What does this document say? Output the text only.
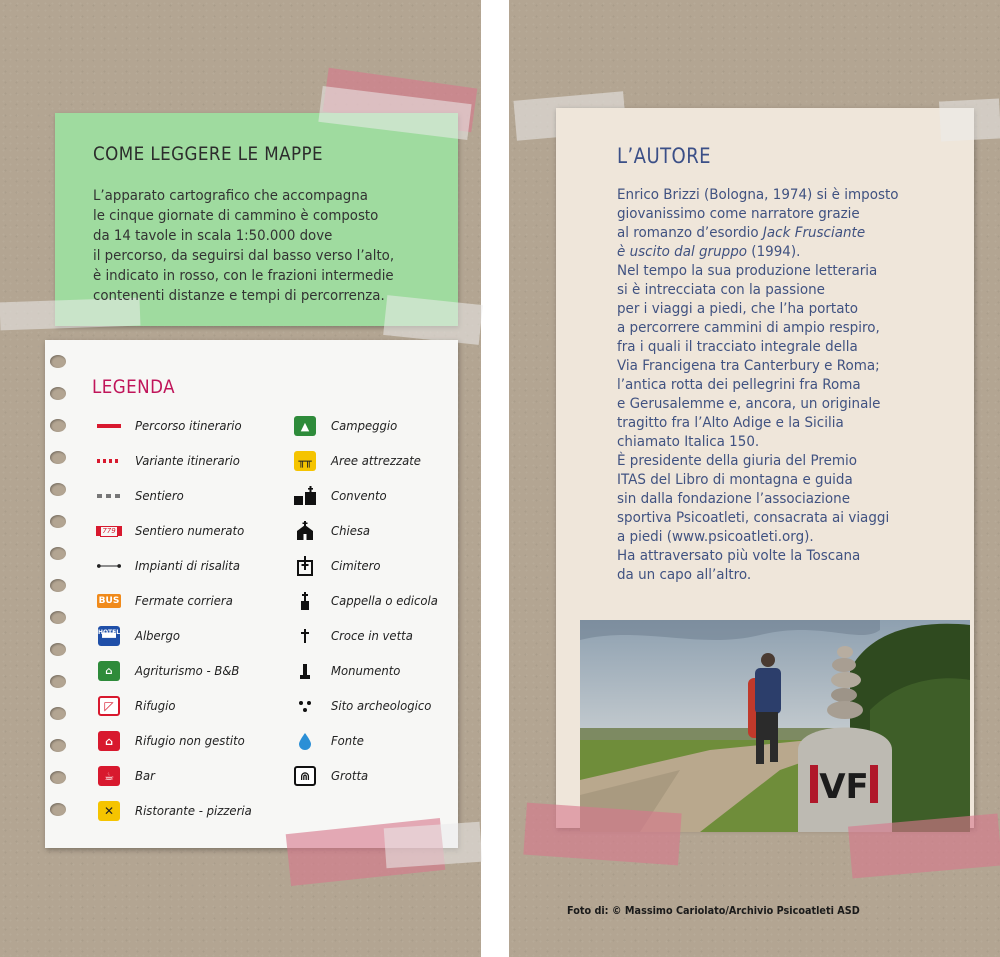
COME LEGGERE LE MAPPE
L’apparato cartografico che accompagna
le cinque giornate di cammino è composto
da 14 tavole in scala 1:50.000 dove
il percorso, da seguirsi dal basso verso l’alto,
è indicato in rosso, con le frazioni intermedie
contenenti distanze e tempi di percorrenza.
LEGENDA
Percorso itinerario
Variante itinerario
Sentiero
779 Sentiero numerato
Impianti di risalita
BUS Fermate corriera
HOTEL
▀▀ Albergo
⌂	Agriturismo - B&B
◸	Rifugio
⌂	Rifugio non gestito
☕	Bar
✕	Ristorante - pizzeria
▲	Campeggio
╥╥	Aree attrezzate
Convento
Chiesa
Cimitero
Cappella o edicola
Croce in vetta
Monumento
Sito archeologico
Fonte
⋒	Grotta
L’AUTORE
Enrico Brizzi (Bologna, 1974) si è imposto
giovanissimo come narratore grazie
al romanzo d’esordio Jack Frusciante
è uscito dal gruppo (1994).
Nel tempo la sua produzione letteraria
si è intrecciata con la passione
per i viaggi a piedi, che l’ha portato
a percorrere cammini di ampio respiro,
fra i quali il tracciato integrale della
Via Francigena tra Canterbury e Roma;
l’antica rotta dei pellegrini fra Roma
e Gerusalemme e, ancora, un originale
tragitto fra l’Alto Adige e la Sicilia
chiamato Italica 150.
È presidente della giuria del Premio
ITAS del Libro di montagna e guida
sin dalla fondazione l’associazione
sportiva Psicoatleti, consacrata ai viaggi
a piedi (www.psicoatleti.org).
Ha attraversato più volte la Toscana
da un capo all’altro.
VF
Foto di: © Massimo Cariolato/Archivio Psicoatleti ASD
